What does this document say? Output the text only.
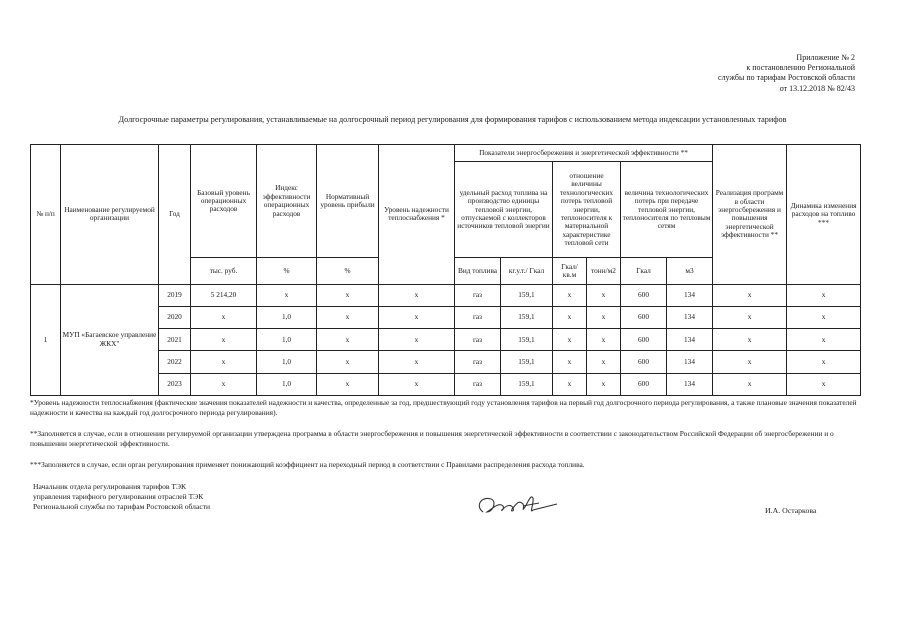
Приложение № 2
к постановлению Региональной
службы по тарифам Ростовской области
от 13.12.2018 № 82/43
Долгосрочные параметры регулирования, устанавливаемые на долгосрочный период регулирования для формирования тарифов с использованием метода индексации установленных тарифов
№ п/п	Наименование регулируемой организации	Год	Базовый уровень операционных расходов	Индекс эффективности операционных расходов	Нормативный уровень прибыли	Уровень надежности теплоснабжения *	Показатели энергосбережения и энергетической эффективности **						Реализация программ в области энергосбережения и повышения энергетической эффективности **	Динамика изменения расходов на топливо ***
							удельный расход топлива на производство единицы тепловой энергии, отпускаемой с коллекторов источников тепловой энергии		отношение величины технологических потерь тепловой энергии, теплоносителя к материальной характеристике тепловой сети		величина технологических потерь при передаче тепловой энергии, теплоносителя по тепловым сетям			
			тыс. руб.	%	%		Вид топлива	кг.у.т./ Гкал	Гкал/ кв.м	тонн/м2	Гкал	м3		
1	МУП «Багаевское управление ЖКХ"	2019	5 214,20	х	х	х	газ	159,1	х	х	600	134	х	х
		2020	х	1,0	х	х	газ	159,1	х	х	600	134	х	х
		2021	х	1,0	х	х	газ	159,1	х	х	600	134	х	х
		2022	х	1,0	х	х	газ	159,1	х	х	600	134	х	х
		2023	х	1,0	х	х	газ	159,1	х	х	600	134	х	х

*Уровень надежности теплоснабжения (фактические значения показателей надежности и качества, определенные за год, предшествующий году установления тарифов на первый год долгосрочного периода регулирования, а также плановые значения показателей надежности и качества на каждый год долгосрочного периода регулирования).

**Заполняется в случае, если в отношении регулируемой организации утверждена программа в области энергосбережения и повышения энергетической эффективности в соответствии с законодательством Российской Федерации об энергосбережении и о повышении энергетической эффективности.

***Заполняется в случае, если орган регулирования применяет понижающий коэффициент на переходный период в соответствии с Правилами распределения расхода топлива.

Начальник отдела регулирования тарифов ТЭК
управления тарифного регулирования отраслей ТЭК
Региональной службы по тарифам Ростовской области	И.А. Остаркова
